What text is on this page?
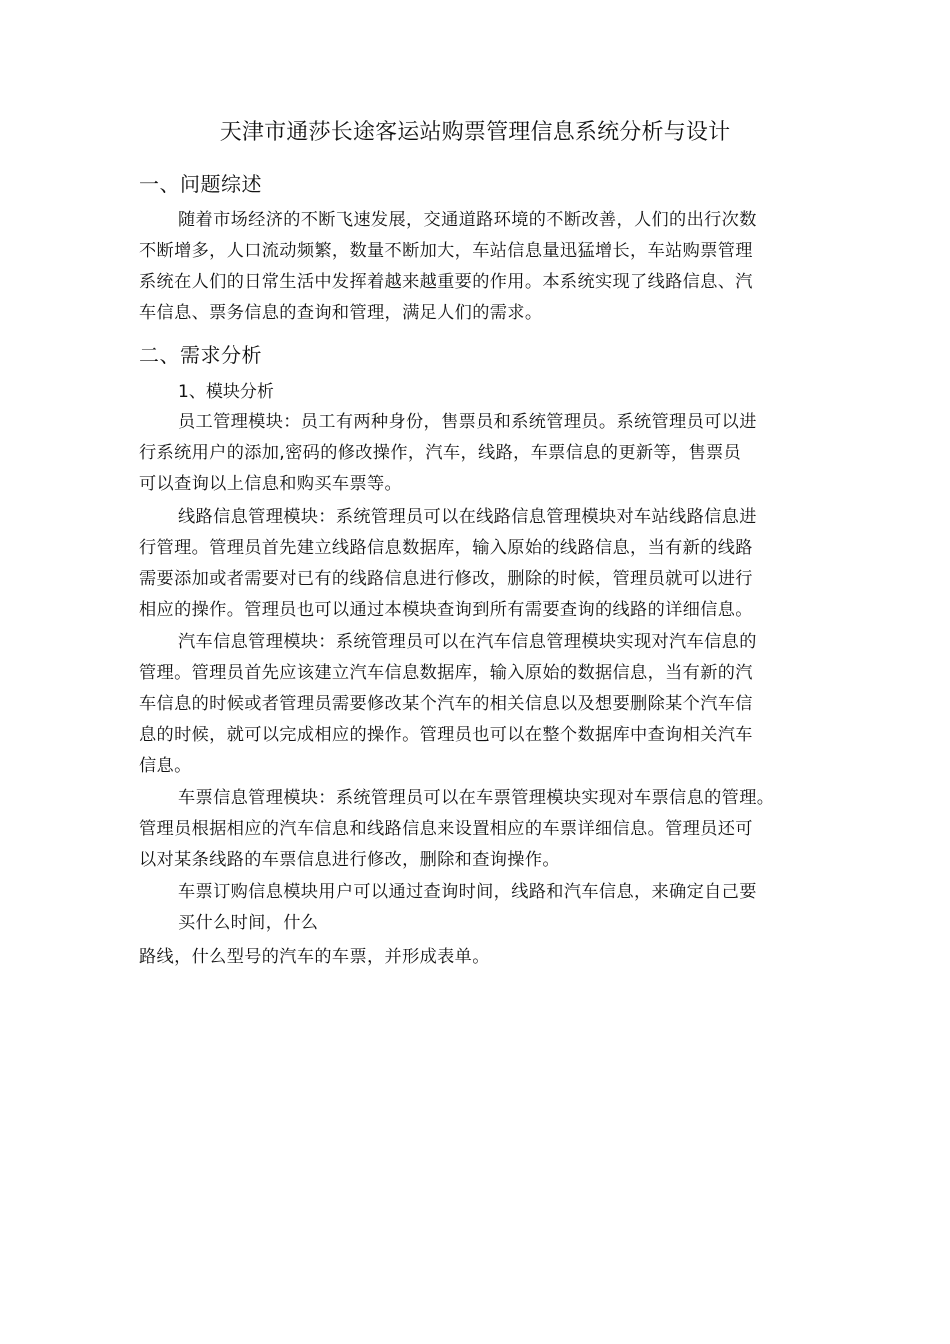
天津市通莎长途客运站购票管理信息系统分析与设计
一、问题综述
随着市场经济的不断飞速发展，交通道路环境的不断改善，人们的出行次数
不断增多，人口流动频繁，数量不断加大，车站信息量迅猛增长，车站购票管理
系统在人们的日常生活中发挥着越来越重要的作用。本系统实现了线路信息、汽
车信息、票务信息的查询和管理，满足人们的需求。
二、需求分析
1、模块分析
员工管理模块：员工有两种身份，售票员和系统管理员。系统管理员可以进
行系统用户的添加,密码的修改操作，汽车，线路，车票信息的更新等，售票员
可以查询以上信息和购买车票等。
线路信息管理模块：系统管理员可以在线路信息管理模块对车站线路信息进
行管理。管理员首先建立线路信息数据库，输入原始的线路信息，当有新的线路
需要添加或者需要对已有的线路信息进行修改，删除的时候，管理员就可以进行
相应的操作。管理员也可以通过本模块查询到所有需要查询的线路的详细信息。
汽车信息管理模块：系统管理员可以在汽车信息管理模块实现对汽车信息的
管理。管理员首先应该建立汽车信息数据库，输入原始的数据信息，当有新的汽
车信息的时候或者管理员需要修改某个汽车的相关信息以及想要删除某个汽车信
息的时候，就可以完成相应的操作。管理员也可以在整个数据库中查询相关汽车
信息。
车票信息管理模块：系统管理员可以在车票管理模块实现对车票信息的管理。
管理员根据相应的汽车信息和线路信息来设置相应的车票详细信息。管理员还可
以对某条线路的车票信息进行修改，删除和查询操作。
车票订购信息模块用户可以通过查询时间，线路和汽车信息，来确定自己要
买什么时间，什么
路线，什么型号的汽车的车票，并形成表单。
